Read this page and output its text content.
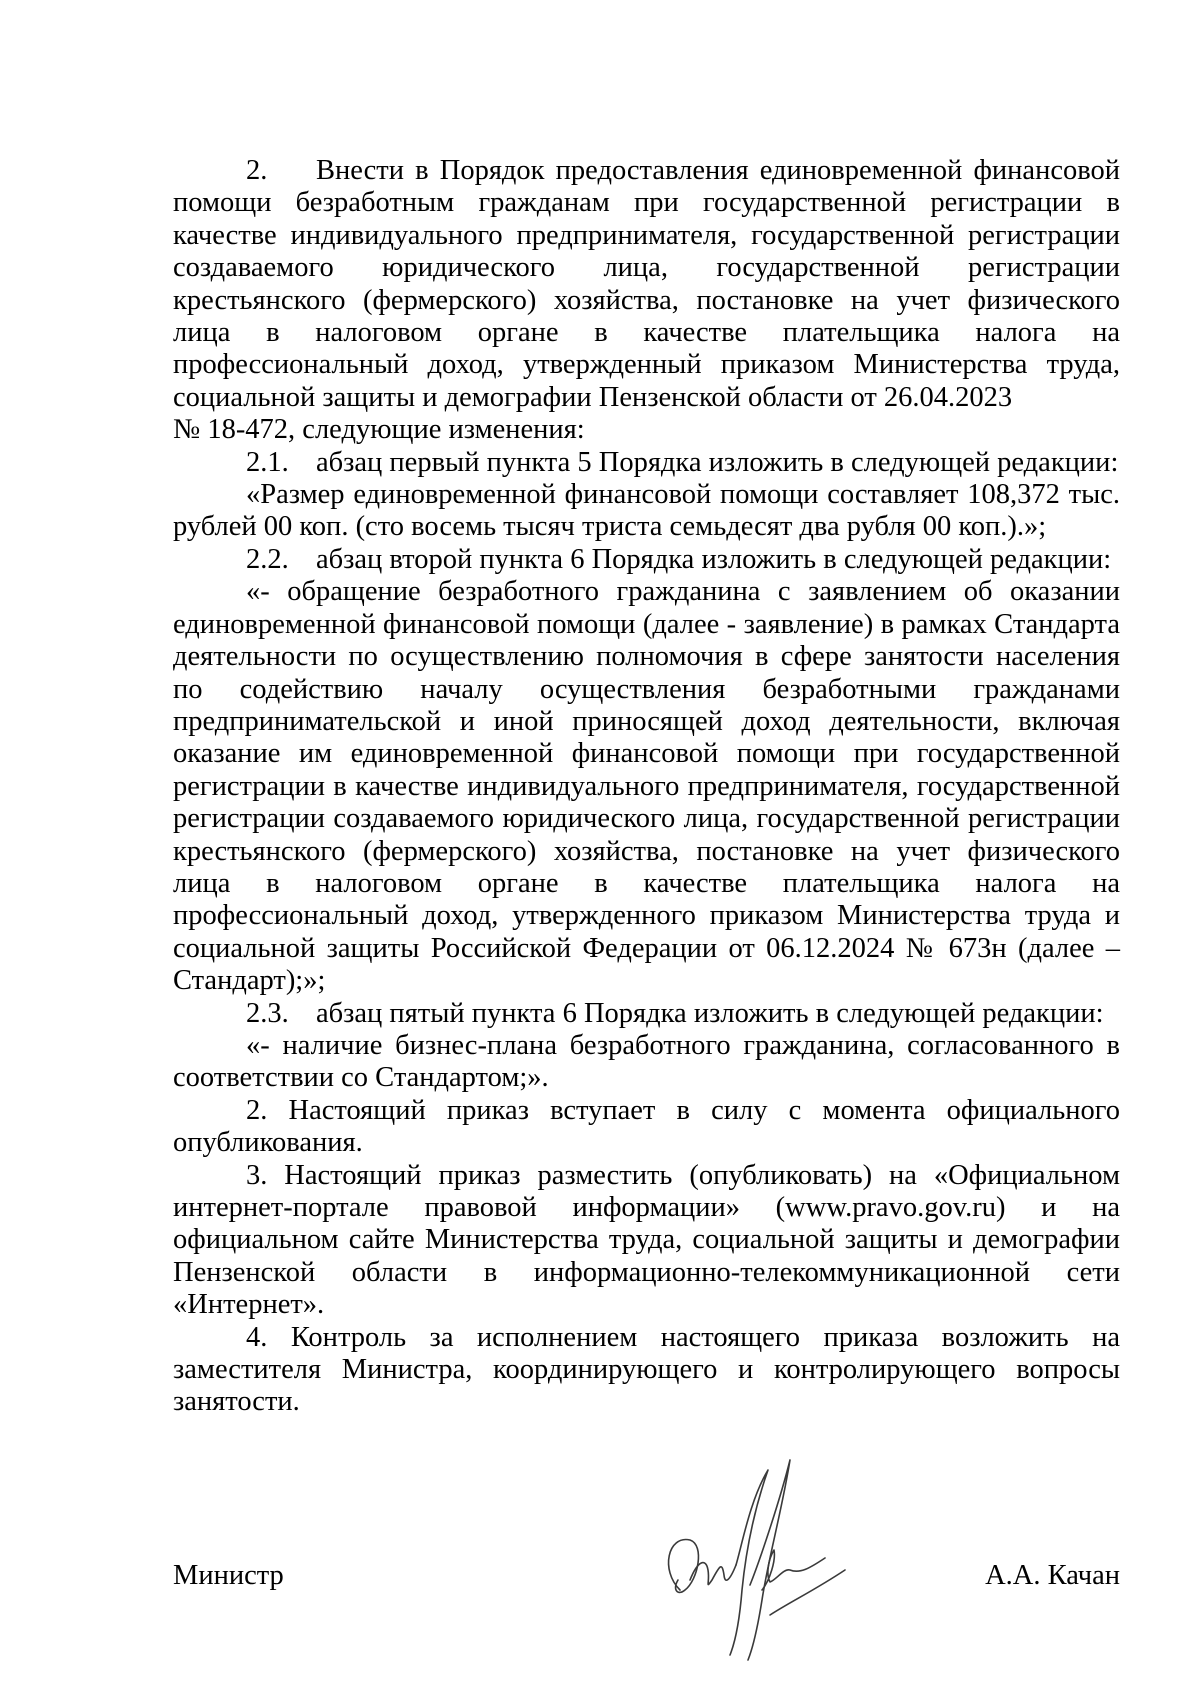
2. Внести в Порядок предоставления единовременной финансовой помощи безработным гражданам при государственной регистрации в качестве индивидуального предпринимателя, государственной регистрации создаваемого юридического лица, государственной регистрации крестьянского (фермерского) хозяйства, постановке на учет физического лица в налоговом органе в качестве плательщика налога на профессиональный доход, утвержденный приказом Министерства труда, социальной защиты и демографии Пензенской области от 26.04.2023

№ 18-472, следующие изменения:

2.1. абзац первый пункта 5 Порядка изложить в следующей редакции:

«Размер единовременной финансовой помощи составляет 108,372 тыс. рублей 00 коп. (сто восемь тысяч триста семьдесят два рубля 00 коп.).»;

2.2. абзац второй пункта 6 Порядка изложить в следующей редакции:

«- обращение безработного гражданина с заявлением об оказании единовременной финансовой помощи (далее - заявление) в рамках Стандарта деятельности по осуществлению полномочия в сфере занятости населения по содействию началу осуществления безработными гражданами предпринимательской и иной приносящей доход деятельности, включая оказание им единовременной финансовой помощи при государственной регистрации в качестве индивидуального предпринимателя, государственной регистрации создаваемого юридического лица, государственной регистрации крестьянского (фермерского) хозяйства, постановке на учет физического лица в налоговом органе в качестве плательщика налога на профессиональный доход, утвержденного приказом Министерства труда и социальной защиты Российской Федерации от 06.12.2024 № 673н (далее – Стандарт);»;

2.3. абзац пятый пункта 6 Порядка изложить в следующей редакции:

«- наличие бизнес-плана безработного гражданина, согласованного в соответствии со Стандартом;».

2. Настоящий приказ вступает в силу с момента официального опубликования.

3. Настоящий приказ разместить (опубликовать) на «Официальном интернет-портале правовой информации» (www.pravo.gov.ru) и на официальном сайте Министерства труда, социальной защиты и демографии Пензенской области в информационно-телекоммуникационной сети «Интернет».

4. Контроль за исполнением настоящего приказа возложить на заместителя Министра, координирующего и контролирующего вопросы занятости.

Министр	А.А. Качан
